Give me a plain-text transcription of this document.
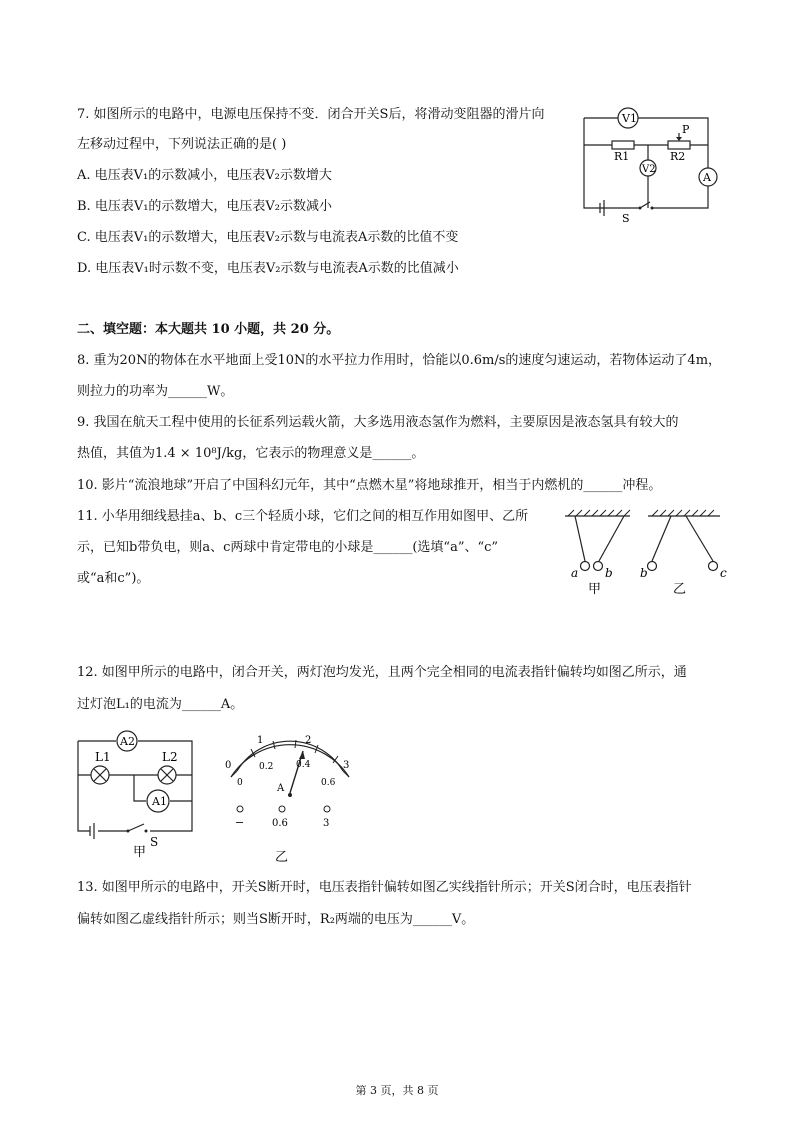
7. 如图所示的电路中，电源电压保持不变．闭合开关S后，将滑动变阻器的滑片向
左移动过程中，下列说法正确的是( )
A. 电压表V₁的示数减小，电压表V₂示数增大
B. 电压表V₁的示数增大，电压表V₂示数减小
C. 电压表V₁的示数增大，电压表V₂示数与电流表A示数的比值不变
D. 电压表V₁时示数不变，电压表V₂示数与电流表A示数的比值减小
V1
R1	R2
P
V2
A
S
二、填空题：本大题共 10 小题，共 20 分。
8. 重为20N的物体在水平地面上受10N的水平拉力作用时，恰能以0.6m/s的速度匀速运动，若物体运动了4m，
则拉力的功率为______W。
9. 我国在航天工程中使用的长征系列运载火箭，大多选用液态氢作为燃料，主要原因是液态氢具有较大的
热值，其值为1.4 × 10⁸J/kg，它表示的物理意义是______。
10. 影片“流浪地球”开启了中国科幻元年，其中“点燃木星”将地球推开，相当于内燃机的______冲程。
11. 小华用细线悬挂a、b、c三个轻质小球，它们之间的相互作用如图甲、乙所
示，已知b带负电，则a、c两球中肯定带电的小球是______(选填“a”、“c”
或“a和c”)。	a b b	c
甲	乙
12. 如图甲所示的电路中，闭合开关，两灯泡均发光，且两个完全相同的电流表指针偏转均如图乙所示，通
过灯泡L₁的电流为______A。
A2
A1
L1	L2
S
甲
0
1	2
3
0
0.2	0.4
0.6
A
−	0.6	3
乙
13. 如图甲所示的电路中，开关S断开时，电压表指针偏转如图乙实线指针所示；开关S闭合时，电压表指针
偏转如图乙虚线指针所示；则当S断开时，R₂两端的电压为______V。
第 3 页，共 8 页
